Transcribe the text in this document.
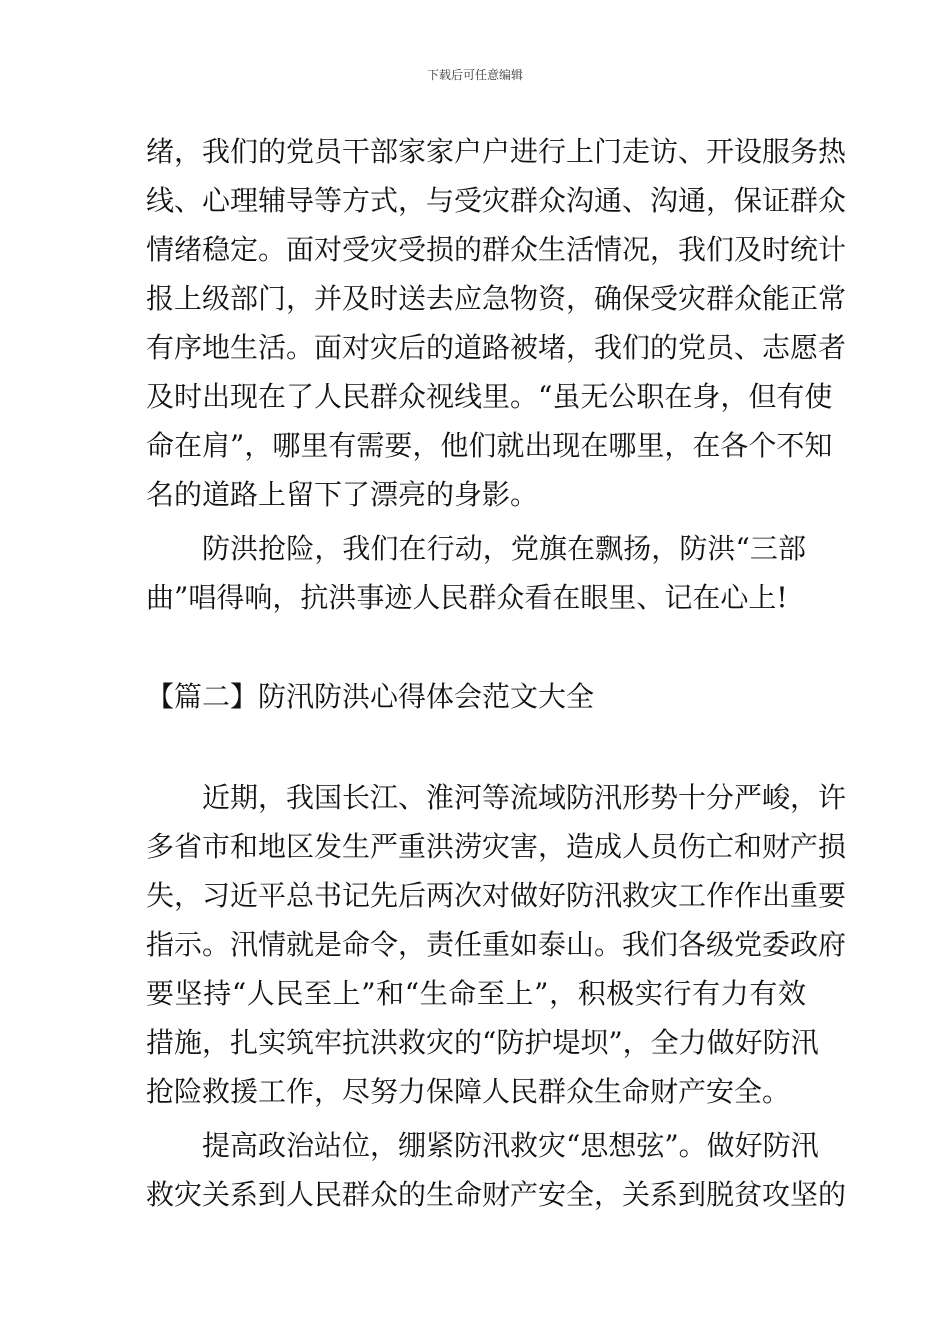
下载后可任意编辑
绪，我们的党员干部家家户户进行上门走访、开设服务热
线、心理辅导等方式，与受灾群众沟通、沟通，保证群众
情绪稳定。面对受灾受损的群众生活情况，我们及时统计
报上级部门，并及时送去应急物资，确保受灾群众能正常
有序地生活。面对灾后的道路被堵，我们的党员、志愿者
及时出现在了人民群众视线里。“虽无公职在身，但有使
命在肩”，哪里有需要，他们就出现在哪里，在各个不知
名的道路上留下了漂亮的身影。
防洪抢险，我们在行动，党旗在飘扬，防洪“三部
曲”唱得响，抗洪事迹人民群众看在眼里、记在心上!
【篇二】防汛防洪心得体会范文大全
近期，我国长江、淮河等流域防汛形势十分严峻，许
多省市和地区发生严重洪涝灾害，造成人员伤亡和财产损
失，习近平总书记先后两次对做好防汛救灾工作作出重要
指示。汛情就是命令，责任重如泰山。我们各级党委政府
要坚持“人民至上”和“生命至上”，积极实行有力有效
措施，扎实筑牢抗洪救灾的“防护堤坝”，全力做好防汛
抢险救援工作，尽努力保障人民群众生命财产安全。
提高政治站位，绷紧防汛救灾“思想弦”。做好防汛
救灾关系到人民群众的生命财产安全，关系到脱贫攻坚的
